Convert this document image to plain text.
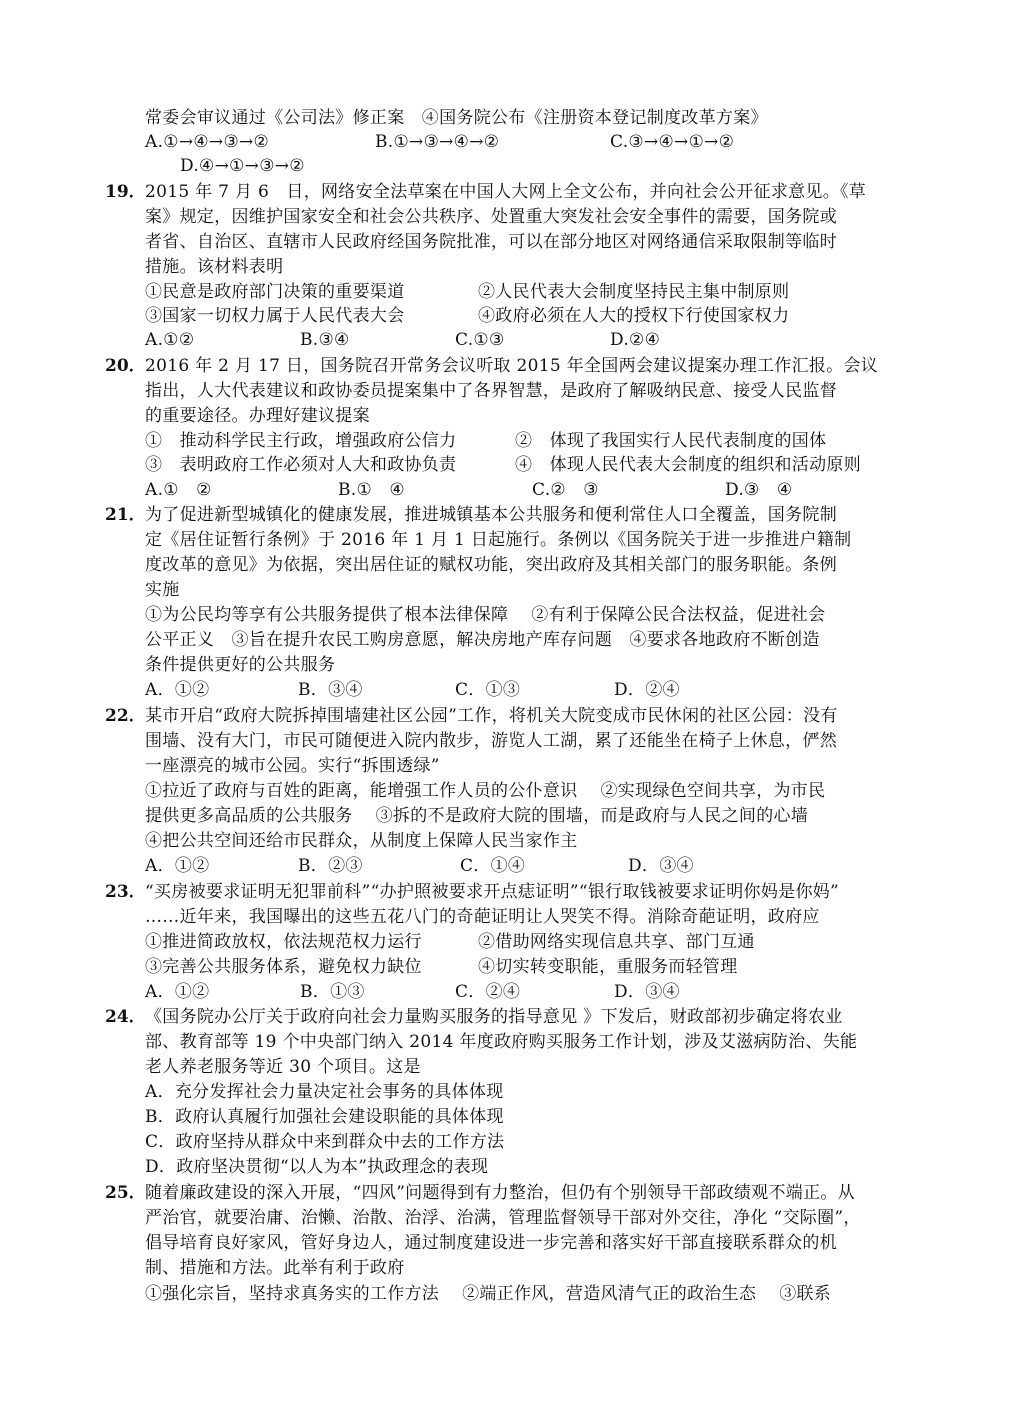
常委会审议通过《公司法》修正案　④国务院公布《注册资本登记制度改革方案》
A.①→④→③→②	B.①→③→④→②	C.③→④→①→②
D.④→①→③→②
19． 2015 年 7 月 6　日，网络安全法草案在中国人大网上全文公布，并向社会公开征求意见。《草
案》规定，因维护国家安全和社会公共秩序、处置重大突发社会安全事件的需要，国务院或
者省、自治区、直辖市人民政府经国务院批准，可以在部分地区对网络通信采取限制等临时
措施。该材料表明
①民意是政府部门决策的重要渠道	②人民代表大会制度坚持民主集中制原则
③国家一切权力属于人民代表大会	④政府必须在人大的授权下行使国家权力
A.①②	B.③④	C.①③	D.②④
20． 2016 年 2 月 17 日，国务院召开常务会议听取 2015 年全国两会建议提案办理工作汇报。会议
指出，人大代表建议和政协委员提案集中了各界智慧，是政府了解吸纳民意、接受人民监督
的重要途径。办理好建议提案
①　推动科学民主行政，增强政府公信力	②　体现了我国实行人民代表制度的国体
③　表明政府工作必须对人大和政协负责	④　体现人民代表大会制度的组织和活动原则
A.①　②	B.①　④	C.②　③	D.③　④
21． 为了促进新型城镇化的健康发展，推进城镇基本公共服务和便利常住人口全覆盖，国务院制
定《居住证暂行条例》于 2016 年 1 月 1 日起施行。条例以《国务院关于进一步推进户籍制
度改革的意见》为依据，突出居住证的赋权功能，突出政府及其相关部门的服务职能。条例
实施
①为公民均等享有公共服务提供了根本法律保障　 ②有利于保障公民合法权益，促进社会
公平正义　③旨在提升农民工购房意愿，解决房地产库存问题　④要求各地政府不断创造
条件提供更好的公共服务
A．①②	B．③④	C．①③	D．②④
22． 某市开启“政府大院拆掉围墙建社区公园”工作，将机关大院变成市民休闲的社区公园：没有
围墙、没有大门，市民可随便进入院内散步，游览人工湖，累了还能坐在椅子上休息，俨然
一座漂亮的城市公园。实行“拆围透绿”
①拉近了政府与百姓的距离，能增强工作人员的公仆意识　 ②实现绿色空间共享，为市民
提供更多高品质的公共服务　 ③拆的不是政府大院的围墙，而是政府与人民之间的心墙
④把公共空间还给市民群众，从制度上保障人民当家作主
A．①②	B．②③	C．①④	D．③④
23． “买房被要求证明无犯罪前科”“办护照被要求开点痣证明”“银行取钱被要求证明你妈是你妈”
……近年来，我国曝出的这些五花八门的奇葩证明让人哭笑不得。消除奇葩证明，政府应
①推进简政放权，依法规范权力运行	②借助网络实现信息共享、部门互通
③完善公共服务体系，避免权力缺位	④切实转变职能，重服务而轻管理
A．①②	B．①③	C．②④	D．③④
24． 《国务院办公厅关于政府向社会力量购买服务的指导意见 》下发后，财政部初步确定将农业
部、教育部等 19 个中央部门纳入 2014 年度政府购买服务工作计划，涉及艾滋病防治、失能
老人养老服务等近 30 个项目。这是
A．充分发挥社会力量决定社会事务的具体体现
B．政府认真履行加强社会建设职能的具体体现
C．政府坚持从群众中来到群众中去的工作方法
D．政府坚决贯彻“以人为本”执政理念的表现
25． 随着廉政建设的深入开展，“四风”问题得到有力整治，但仍有个别领导干部政绩观不端正。从
严治官，就要治庸、治懒、治散、治浮、治满，管理监督领导干部对外交往，净化 “交际圈”，
倡导培育良好家风，管好身边人，通过制度建设进一步完善和落实好干部直接联系群众的机
制、措施和方法。此举有利于政府
①强化宗旨，坚持求真务实的工作方法　 ②端正作风，营造风清气正的政治生态　 ③联系
